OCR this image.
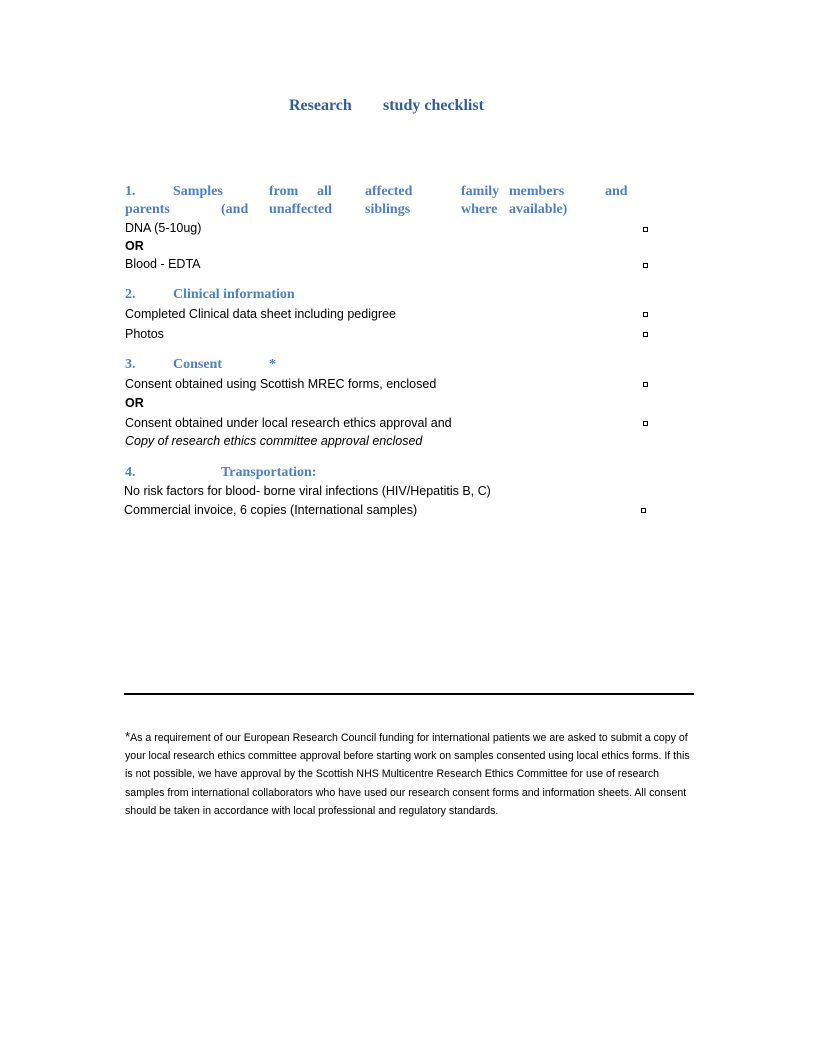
Research study checklist
1.	Samples	from all affected	family members	and
parents	(and unaffected siblings	where available)
DNA (5-10ug)
OR
Blood - EDTA
2.	Clinical information
Completed Clinical data sheet including pedigree
Photos
3.	Consent	*
Consent obtained using Scottish MREC forms, enclosed
OR
Consent obtained under local research ethics approval and
Copy of research ethics committee approval enclosed
4.	Transportation:
No risk factors for blood- borne viral infections (HIV/Hepatitis B, C)
Commercial invoice, 6 copies (International samples)
*As a requirement of our European Research Council funding for international patients we are asked to submit a copy of your local research ethics committee approval before starting work on samples consented using local ethics forms. If this is not possible, we have approval by the Scottish NHS Multicentre Research Ethics Committee for use of research samples from international collaborators who have used our research consent forms and information sheets. All consent should be taken in accordance with local professional and regulatory standards.
